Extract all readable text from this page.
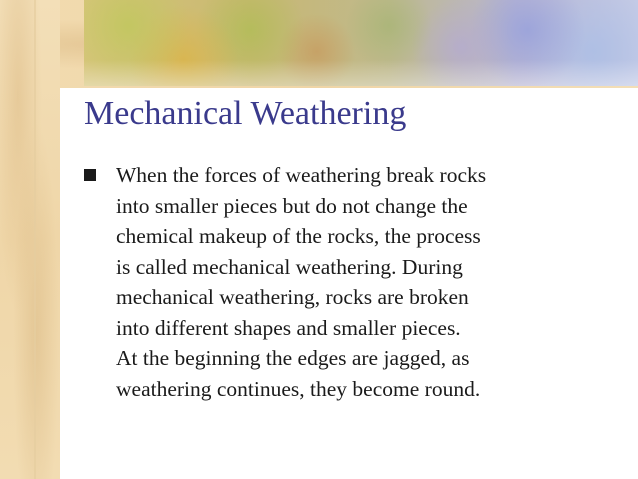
Mechanical Weathering
When the forces of weathering break rocks
into smaller pieces but do not change the
chemical makeup of the rocks, the process
is called mechanical weathering. During
mechanical weathering, rocks are broken
into different shapes and smaller pieces.
At the beginning the edges are jagged, as
weathering continues, they become round.
